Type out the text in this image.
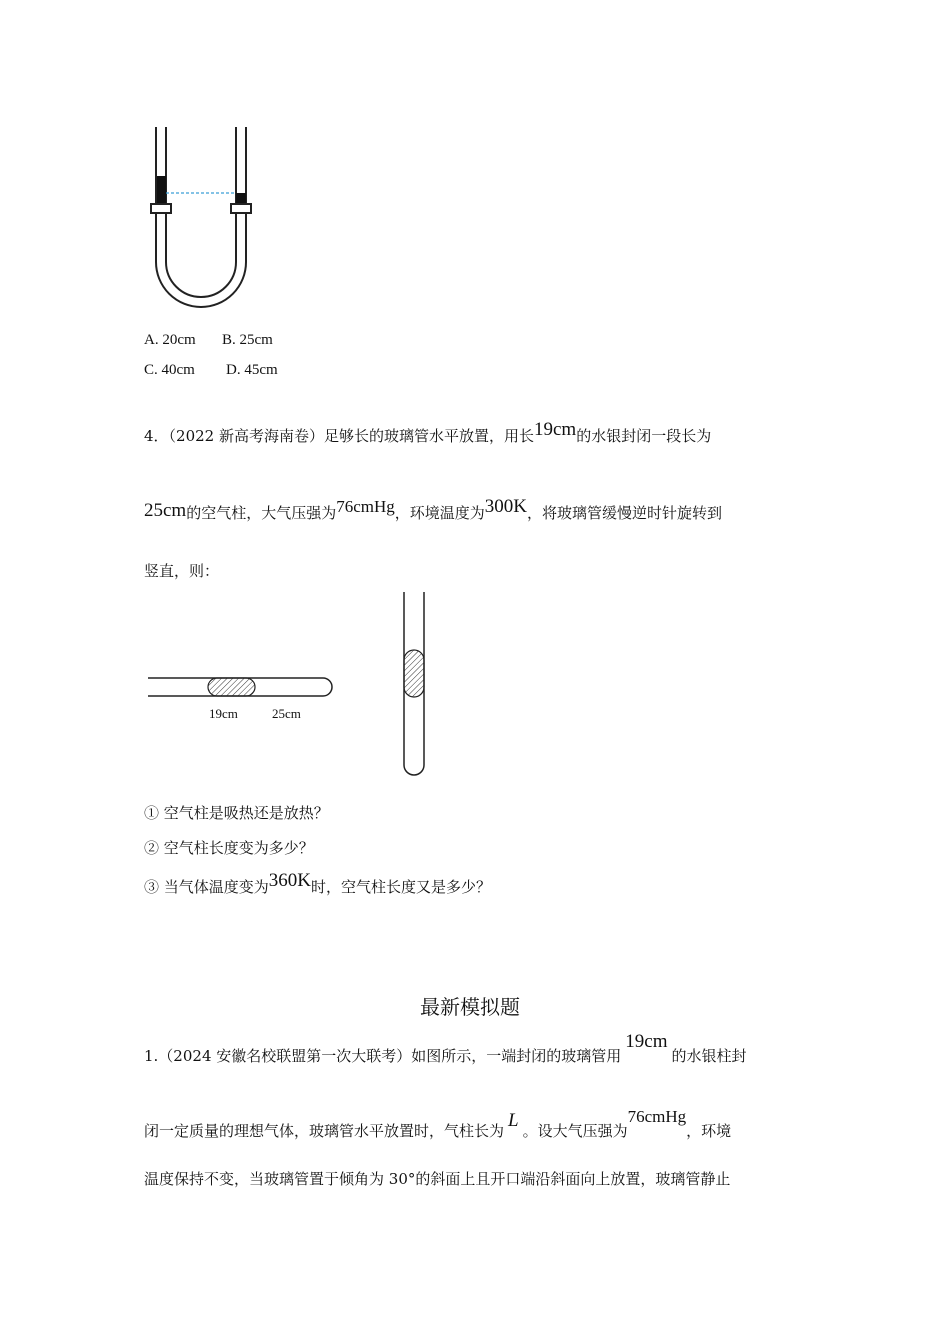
A. 20cm B. 25cm
C. 40cm D. 45cm
4．（2022 新高考海南卷）足够长的玻璃管水平放置，用长19cm的水银封闭一段长为
25cm的空气柱，大气压强为76cmHg，环境温度为300K，将玻璃管缓慢逆时针旋转到
竖直，则：
19cm	25cm
① 空气柱是吸热还是放热？
② 空气柱长度变为多少？
③ 当气体温度变为360K时，空气柱长度又是多少？
最新模拟题
1.（2024 安徽名校联盟第一次大联考）如图所示，一端封闭的玻璃管用19cm的水银柱封
闭一定质量的理想气体，玻璃管水平放置时，气柱长为 L 。设大气压强为76cmHg，环境
温度保持不变，当玻璃管置于倾角为 30°的斜面上且开口端沿斜面向上放置，玻璃管静止
